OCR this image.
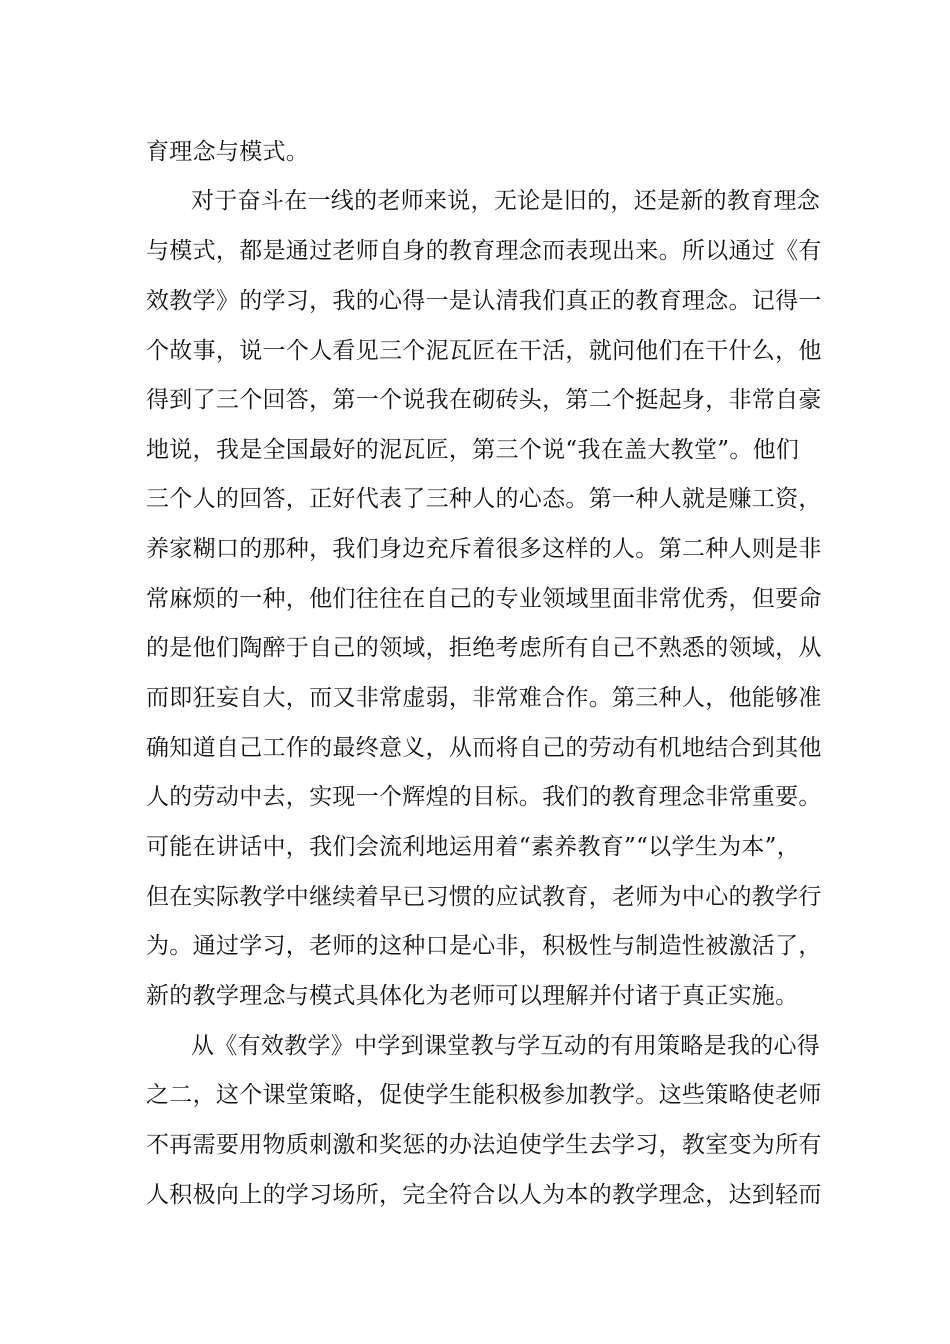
育理念与模式。
对于奋斗在一线的老师来说，无论是旧的，还是新的教育理念
与模式，都是通过老师自身的教育理念而表现出来。所以通过《有
效教学》的学习，我的心得一是认清我们真正的教育理念。记得一
个故事，说一个人看见三个泥瓦匠在干活，就问他们在干什么，他
得到了三个回答，第一个说我在砌砖头，第二个挺起身，非常自豪
地说，我是全国最好的泥瓦匠，第三个说“我在盖大教堂”。他们
三个人的回答，正好代表了三种人的心态。第一种人就是赚工资，
养家糊口的那种，我们身边充斥着很多这样的人。第二种人则是非
常麻烦的一种，他们往往在自己的专业领域里面非常优秀，但要命
的是他们陶醉于自己的领域，拒绝考虑所有自己不熟悉的领域，从
而即狂妄自大，而又非常虚弱，非常难合作。第三种人，他能够准
确知道自己工作的最终意义，从而将自己的劳动有机地结合到其他
人的劳动中去，实现一个辉煌的目标。我们的教育理念非常重要。
可能在讲话中，我们会流利地运用着“素养教育”“以学生为本”，
但在实际教学中继续着早已习惯的应试教育，老师为中心的教学行
为。通过学习，老师的这种口是心非，积极性与制造性被激活了，
新的教学理念与模式具体化为老师可以理解并付诸于真正实施。
从《有效教学》中学到课堂教与学互动的有用策略是我的心得
之二，这个课堂策略，促使学生能积极参加教学。这些策略使老师
不再需要用物质刺激和奖惩的办法迫使学生去学习，教室变为所有
人积极向上的学习场所，完全符合以人为本的教学理念，达到轻而
